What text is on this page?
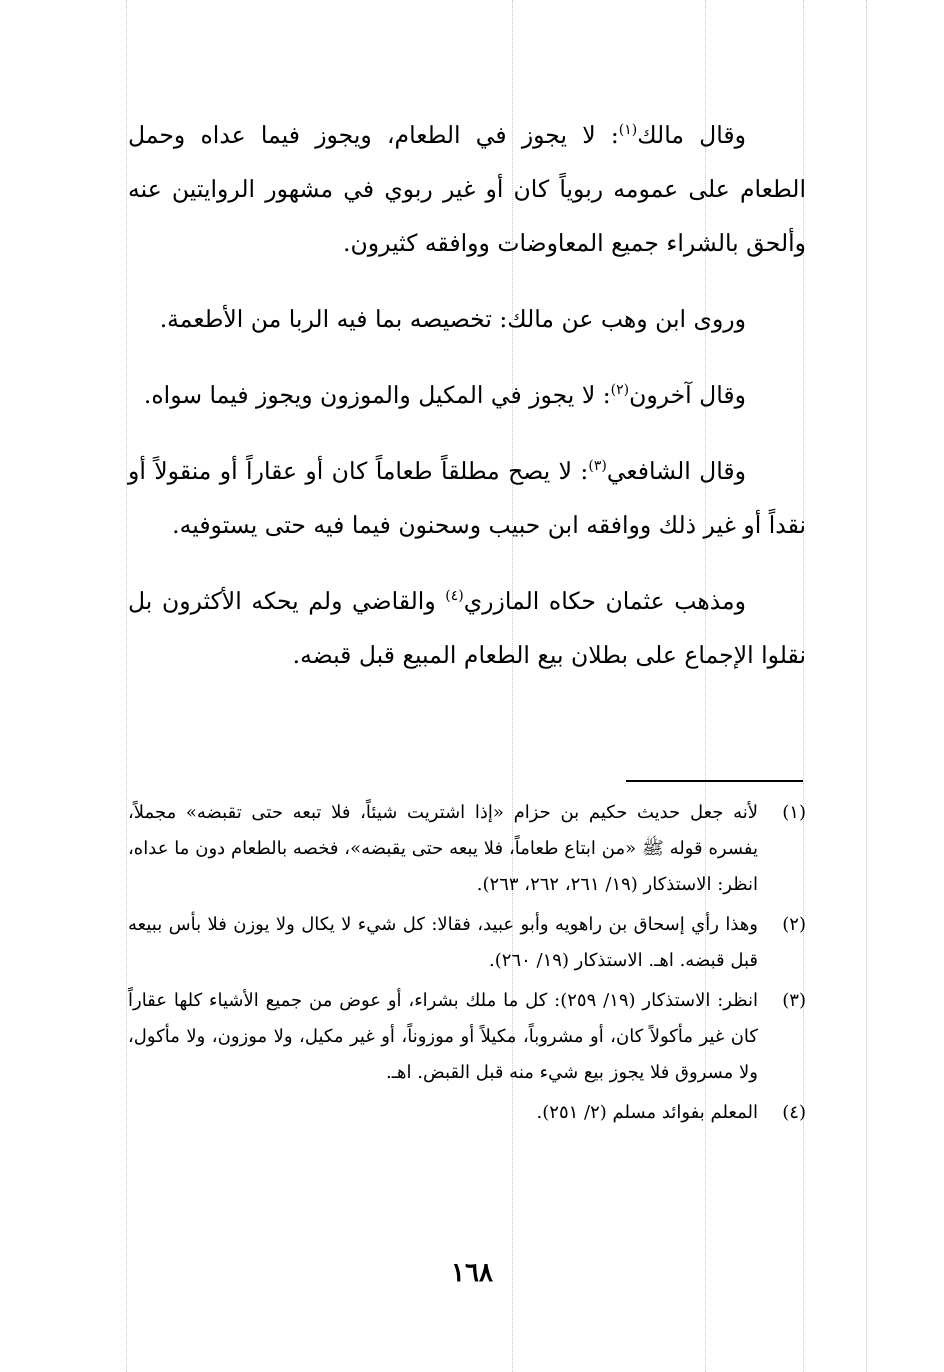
وقال مالك$^{(١)}$: لا يجوز في الطعام، ويجوز فيما عداه وحمل الطعام على عمومه ربوياً كان أو غير ربوي في مشهور الروايتين عنه وألحق بالشراء جميع المعاوضات ووافقه كثيرون.

وروى ابن وهب عن مالك: تخصيصه بما فيه الربا من الأطعمة.

وقال آخرون$^{(٢)}$: لا يجوز في المكيل والموزون ويجوز فيما سواه.

وقال الشافعي$^{(٣)}$: لا يصح مطلقاً طعاماً كان أو عقاراً أو منقولاً أو نقداً أو غير ذلك ووافقه ابن حبيب وسحنون فيما فيه حتى يستوفيه.

ومذهب عثمان حكاه المازري$^{(٤)}$ والقاضي ولم يحكه الأكثرون بل نقلوا الإجماع على بطلان بيع الطعام المبيع قبل قبضه.

(١)
لأنه جعل حديث حكيم بن حزام «إذا اشتريت شيئاً، فلا تبعه حتى تقبضه» مجملاً، يفسره قوله ﷺ «من ابتاع طعاماً، فلا يبعه حتى يقبضه»، فخصه بالطعام دون ما عداه، انظر: الاستذكار (١٩/ ٢٦١، ٢٦٢، ٢٦٣).
(٢)
وهذا رأي إسحاق بن راهويه وأبو عبيد، فقالا: كل شيء لا يكال ولا يوزن فلا بأس ببيعه قبل قبضه. اهـ. الاستذكار (١٩/ ٢٦٠).
(٣)
انظر: الاستذكار (١٩/ ٢٥٩): كل ما ملك بشراء، أو عوض من جميع الأشياء كلها عقاراً كان غير مأكولاً كان، أو مشروباً، مكيلاً أو موزوناً، أو غير مكيل، ولا موزون، ولا مأكول، ولا مسروق فلا يجوز بيع شيء منه قبل القبض. اهـ.
(٤)
المعلم بفوائد مسلم (٢/ ٢٥١).
١٦٨
